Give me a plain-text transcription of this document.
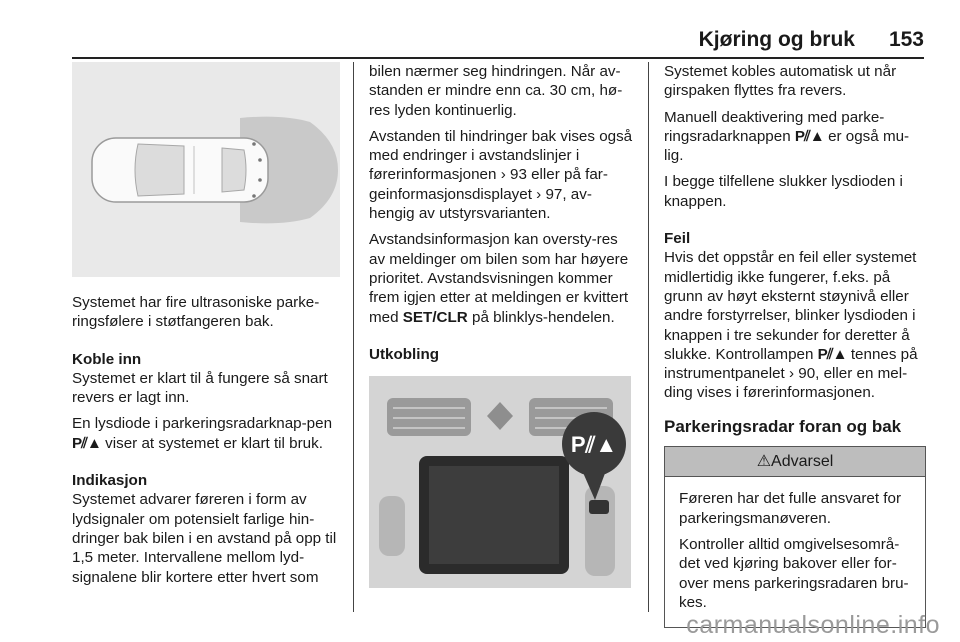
Kjøring og bruk 153

Systemet har fire ultrasoniske parke-ringsfølere i støtfangeren bak.

Koble inn

Systemet er klart til å fungere så snart revers er lagt inn.

En lysdiode i parkeringsradarknap-pen P⫽▲ viser at systemet er klart til bruk.

Indikasjon

Systemet advarer føreren i form av lydsignaler om potensielt farlige hin-dringer bak bilen i en avstand på opp til 1,5 meter. Intervallene mellom lyd-signalene blir kortere etter hvert som

bilen nærmer seg hindringen. Når av-standen er mindre enn ca. 30 cm, hø-res lyden kontinuerlig.

Avstanden til hindringer bak vises også med endringer i avstandslinjer i førerinformasjonen › 93 eller på far-geinformasjonsdisplayet › 97, av-hengig av utstyrsvarianten.

Avstandsinformasjon kan oversty-res av meldinger om bilen som har høyere prioritet. Avstandsvisningen kommer frem igjen etter at meldingen er kvittert med SET/CLR på blinklys-hendelen.

Utkobling
P⫽▲

Systemet kobles automatisk ut når girspaken flyttes fra revers.

Manuell deaktivering med parke-ringsradarknappen P⫽▲ er også mu-lig.

I begge tilfellene slukker lysdioden i knappen.

Feil

Hvis det oppstår en feil eller systemet midlertidig ikke fungerer, f.eks. på grunn av høyt eksternt støynivå eller andre forstyrrelser, blinker lysdioden i knappen i tre sekunder for deretter å slukke. Kontrollampen P⫽▲ tennes på instrumentpanelet › 90, eller en mel-ding vises i førerinformasjonen.

Parkeringsradar foran og bak
⚠Advarsel

Føreren har det fulle ansvaret for parkeringsmanøveren.

Kontroller alltid omgivelsesområ-det ved kjøring bakover eller for-over mens parkeringsradaren bru-kes.

carmanualsonline.info
